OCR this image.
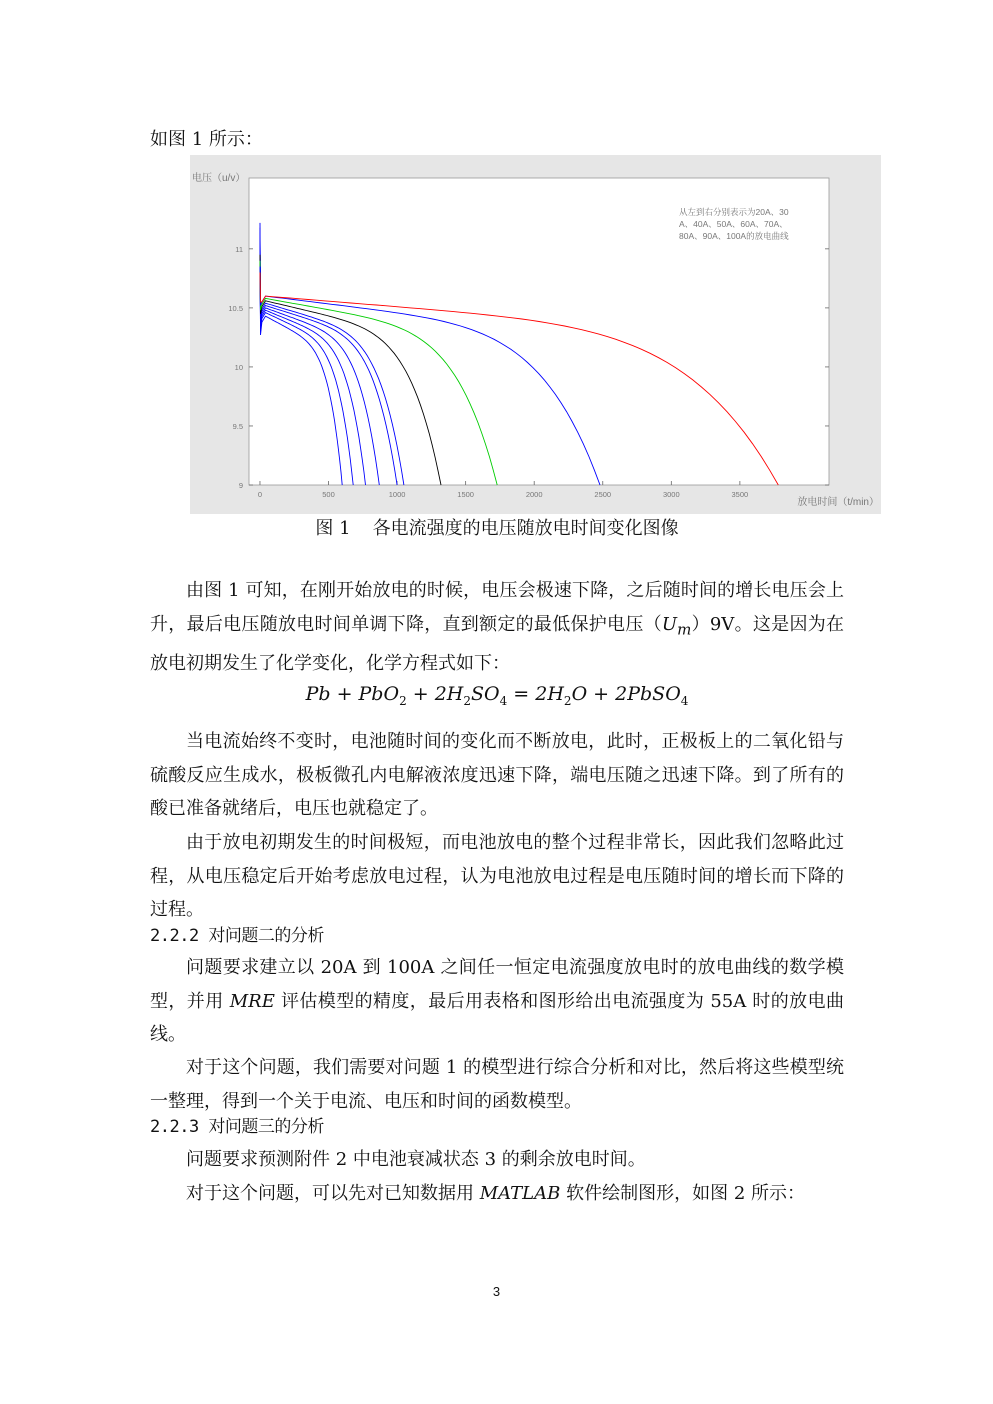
如图 1 所示：
9
9.5
10
10.5
11
0	500	1000	1500	2000	2500	3000	3500
电压（u/v）
放电时间（t/min）
从左到右分别表示为20A、30
A、40A、50A、60A、70A、
80A、90A、100A的放电曲线
图 1 各电流强度的电压随放电时间变化图像
由图 1 可知，在刚开始放电的时候，电压会极速下降，之后随时间的增长电压会上升，最后电压随放电时间单调下降，直到额定的最低保护电压$(U_m)9V$。这是因为在放电初期发生了化学变化，化学方程式如下：
$Pb + PbO_2 + 2H_2SO_4 = 2H_2O$ + 2PbSO$_4$
当电流始终不变时，电池随时间的变化而不断放电，此时，正极板上的二氧化铅与硫酸反应生成水，极板微孔内电解液浓度迅速下降，端电压随之迅速下降。到了所有的酸已准备就绪后，电压也就稳定了。
由于放电初期发生的时间极短，而电池放电的整个过程非常长，因此我们忽略此过程，从电压稳定后开始考虑放电过程，认为电池放电过程是电压随时间的增长而下降的过程。
2.2.2 对问题二的分析
问题要求建立以 20A 到 100A 之间任一恒定电流强度放电时的放电曲线的数学模型，并用 MRE 评估模型的精度，最后用表格和图形给出电流强度为 55A 时的放电曲线。
对于这个问题，我们需要对问题 1 的模型进行综合分析和对比，然后将这些模型统一整理，得到一个关于电流、电压和时间的函数模型。
2.2.3 对问题三的分析
问题要求预测附件 2 中电池衰减状态 3 的剩余放电时间。
对于这个问题，可以先对已知数据用 MATLAB 软件绘制图形，如图 2 所示：
3
